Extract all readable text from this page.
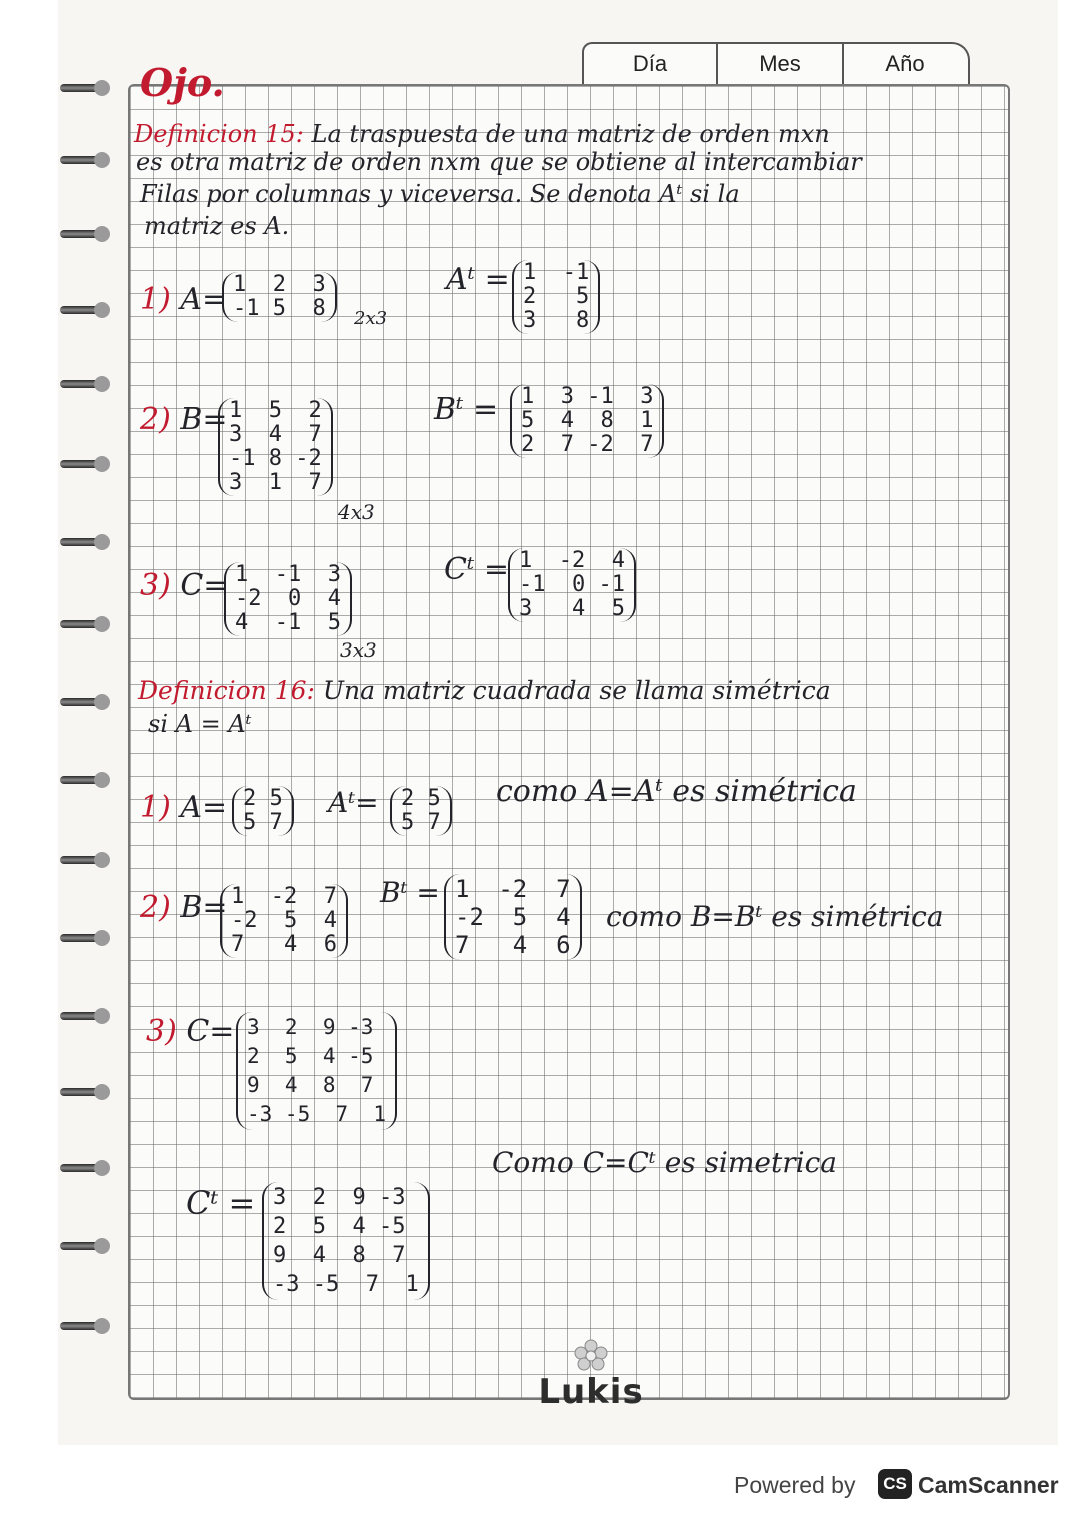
Día	Mes	Año
Ojo.
Definicion 15: La traspuesta de una matriz de orden mxn
es otra matriz de orden nxm que se obtiene al intercambiar
Filas por columnas y viceversa. Se denota Aᵗ si la
matriz es A.
1) A= 1  2  3
-1 5  8 2x3
Aᵗ = 1  -1
2   5
3   8
2) B= 1  5  2
3  4  7
-1 8 -2
3  1  7
4x3
Bᵗ = 1  3 -1  3
5  4  8  1
2  7 -2  7
3) C= 1  -1  3
-2  0  4
4  -1  5
3x3
Cᵗ = 1  -2  4
-1  0 -1
3   4  5
Definicion 16: Una matriz cuadrada se llama simétrica
si A = Aᵗ
1) A= 2 5
5 7
Aᵗ= 2 5
5 7
como A=Aᵗ es simétrica
2) B= 1  -2  7
-2  5  4
7   4  6
Bᵗ = 1  -2  7
-2  5  4
7   4  6
como B=Bᵗ es simétrica
3) C= 3  2  9 -3
2  5  4 -5
9  4  8  7
-3 -5  7  1
Como C=Cᵗ es simetrica
Cᵗ = 3  2  9 -3
2  5  4 -5
9  4  8  7
-3 -5  7  1
Lukis
Powered by	CS CamScanner
